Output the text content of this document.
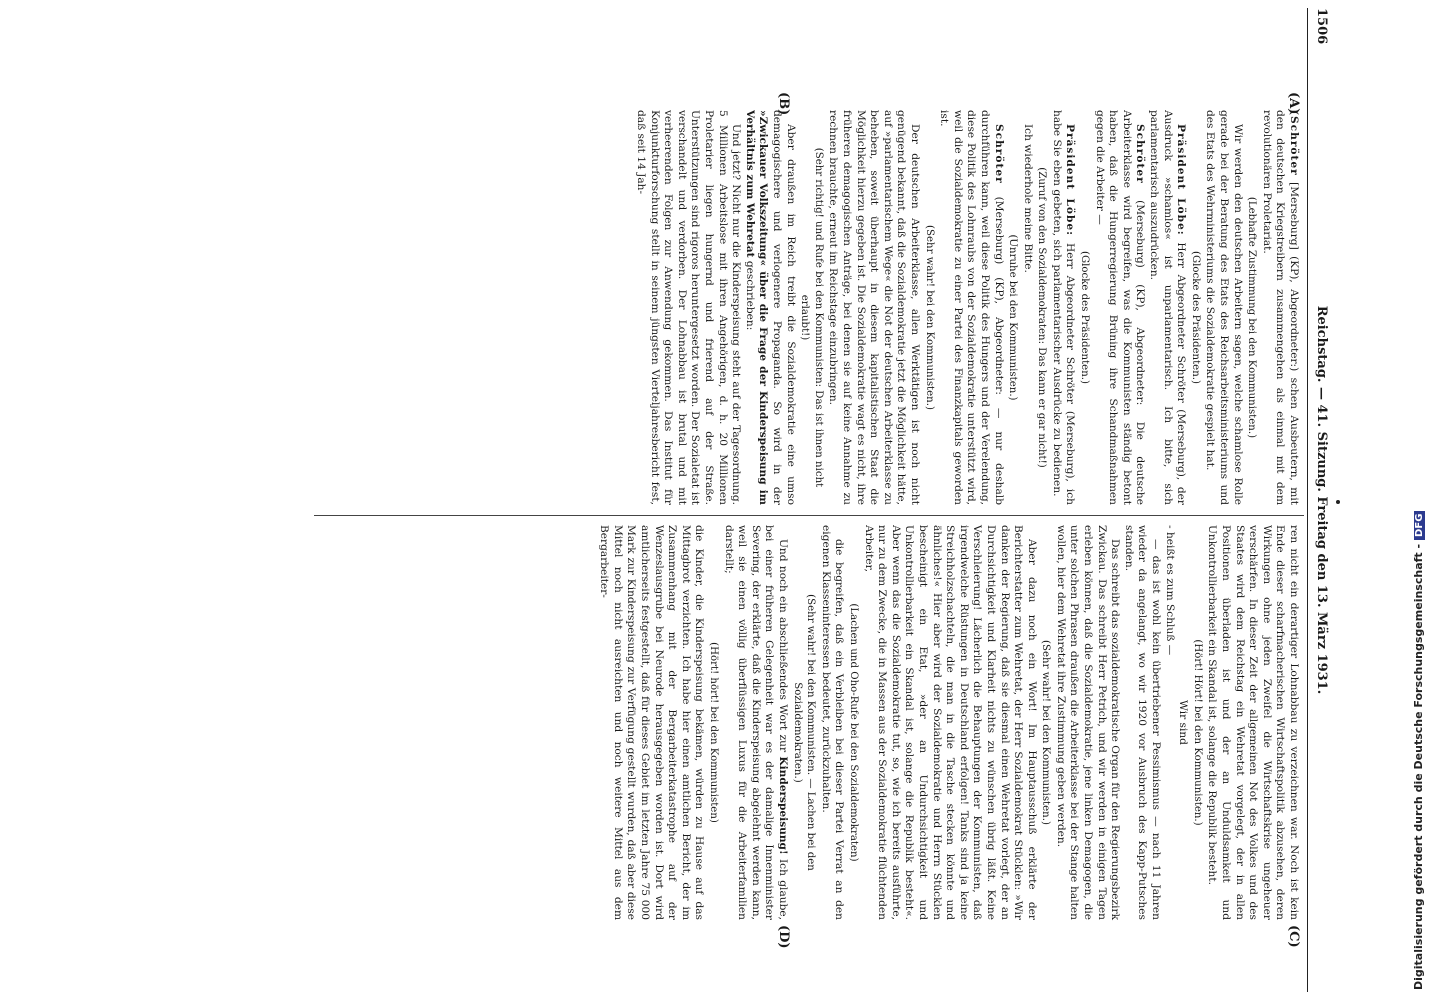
1506
Reichstag. — 41. Sitzung. Freitag den 13. März 1931.
(A)
(B)
(C)
(D)

(Schröter [Merseburg] (KP), Abgeordneter:) schen Ausbeutern, mit den deutschen Kriegstreibern zusammengehen als einmal mit dem revolutionären Proletariat.

(Lebhafte Zustimmung bei den Kommunisten.)

Wir werden den deutschen Arbeitern sagen, welche schamlose Rolle gerade bei der Beratung des Etats des Reichsarbeitsministeriums und des Etats des Wehrministeriums die Sozialdemokratie gespielt hat.

(Glocke des Präsidenten.)

Präsident Löbe: Herr Abgeordneter Schröter (Merseburg), der Ausdruck »schamlos« ist unparlamentarisch. Ich bitte, sich parlamentarisch auszudrücken.

Schröter (Merseburg) (KP), Abgeordneter: Die deutsche Arbeiterklasse wird begreifen, was die Kommunisten ständig betont haben, daß die Hungerregierung Brüning ihre Schandmaßnahmen gegen die Arbeiter —

(Glocke des Präsidenten.)

Präsident Löbe: Herr Abgeordneter Schröter (Merseburg), ich habe Sie eben gebeten, sich parlamentarischer Ausdrücke zu bedienen.

(Zuruf von den Sozialdemokraten: Das kann er gar nicht!)

Ich wiederhole meine Bitte.

(Unruhe bei den Kommunisten.)

Schröter (Merseburg) (KP), Abgeordneter: — nur deshalb durchführen kann, weil diese Politik des Hungers und der Verelendung, diese Politik des Lohnraubs von der Sozialdemokratie unterstützt wird, weil die Sozialdemokratie zu einer Partei des Finanzkapitals geworden ist.

(Sehr wahr! bei den Kommunisten.)

Der deutschen Arbeiterklasse, allen Werktätigen ist noch nicht genügend bekannt, daß die Sozialdemokratie jetzt die Möglichkeit hätte, auf »parlamentarischem Wege« die Not der deutschen Arbeiterklasse zu beheben, soweit überhaupt in diesem kapitalistischen Staat die Möglichkeit hierzu gegeben ist. Die Sozialdemokratie wagt es nicht, ihre früheren demagogischen Anträge, bei denen sie auf keine Annahme zu rechnen brauchte, erneut im Reichstage einzubringen.

(Sehr richtig! und Rufe bei den Kommunisten: Das ist ihnen nicht erlaubt!)

Aber draußen im Reich treibt die Sozialdemokratie eine umso demagogischere und verlogenere Propaganda. So wird in der »Zwickauer Volkszeitung« über die Frage der Kinderspeisung im Verhältnis zum Wehretat geschrieben:

Und jetzt? Nicht nur die Kinderspeisung steht auf der Tagesordnung. 5 Millionen Arbeitslose mit ihren Angehörigen, d. h. 20 Millionen Proletarier liegen hungernd und frierend auf der Straße. Unterstützungen sind rigoros heruntergesetzt worden. Der Sozialetat ist verschandelt und verdorben. Der Lohnabbau ist brutal und mit verheerenden Folgen zur Anwendung gekommen. Das Institut für Konjunkturforschung stellt in seinem jüngsten Vierteljahresbericht fest, daß seit 14 Jah-

ren nicht ein derartiger Lohnabbau zu verzeichnen war. Noch ist kein Ende dieser scharfmacherischen Wirtschaftspolitik abzusehen, deren Wirkungen ohne jeden Zweifel die Wirtschaftskrise ungeheuer verschärfen. In dieser Zeit der allgemeinen Not des Volkes und des Staates wird dem Reichstag ein Wehretat vorgelegt, der in allen Positionen überladen ist und der an Unduldsamkeit und Unkontrollierbarkeit ein Skandal ist, solange die Republik besteht.

(Hört! Hört! bei den Kommunisten.)

Wir sind

- heißt es zum Schluß —

— das ist wohl kein übertriebener Pessimismus — nach 11 Jahren wieder da angelangt, wo wir 1920 vor Ausbruch des Kapp-Putsches standen.

Das schreibt das sozialdemokratische Organ für den Regierungsbezirk Zwickau. Das schreibt Herr Petrich, und wir werden in einigen Tagen erleben können, daß die Sozialdemokratie, jene linken Demagogen, die unter solchen Phrasen draußen die Arbeiterklasse bei der Stange halten wollen, hier dem Wehretat ihre Zustimmung geben werden.

(Sehr wahr! bei den Kommunisten.)

Aber dazu noch ein Wort! Im Hauptausschuß erklärte der Berichterstatter zum Wehretat, der Herr Sozialdemokrat Stücklen: »Wir danken der Regierung, daß sie diesmal einen Wehretat vorlegt, der an Durchsichtigkeit und Klarheit nichts zu wünschen übrig läßt. Keine Verschleierung! Lächerlich die Behauptungen der Kommunisten, daß irgendwelche Rüstungen in Deutschland erfolgen! Tanks sind ja keine Streichholzschachteln, die man in die Tasche stecken könnte und ähnliches!« Hier aber wird der Sozialdemokratie und Herrn Stücklen bescheinigt ein Etat, »der an Undurchsichtigkeit und Unkontrollierbarkeit ein Skandal ist, solange die Republik besteht«. Aber wenn das die Sozialdemokratie tut, so, wie ich bereits ausführte, nur zu dem Zwecke, die in Massen aus der Sozialdemokratie flüchtenden Arbeiter,

(Lachen und Oho-Rufe bei den Sozialdemokraten)

die begreifen, daß ein Verbleiben bei dieser Partei Verrat an den eigenen Klasseninteressen bedeutet, zurückzuhalten.

(Sehr wahr! bei den Kommunisten. — Lachen bei den Sozialdemokraten.)

Und noch ein abschließendes Wort zur Kinderspeisung! Ich glaube, bei einer früheren Gelegenheit war es der damalige Innenminister Severing, der erklärte, daß die Kinderspeisung abgelehnt werden kann, weil sie einen völlig überflüssigen Luxus für die Arbeiterfamilien darstellt;

(Hört! hört! bei den Kommunisten)

die Kinder, die Kinderspeisung bekämen, würden zu Hause auf das Mittagbrot verzichten. Ich habe hier einen amtlichen Bericht, der im Zusammenhang mit der Bergarbeiterkatastrophe auf der Wenzeslausgrube bei Neurode herausgegeben worden ist. Dort wird amtlicherseits festgestellt, daß für dieses Gebiet im letzten Jahre 75 000 Mark zur Kinderspeisung zur Verfügung gestellt wurden, daß aber diese Mittel noch nicht ausreichten und noch weitere Mittel aus dem Bergarbeiter-	Digitalisierung gefördert durch die Deutsche Forschungsgemeinschaft -DFG
